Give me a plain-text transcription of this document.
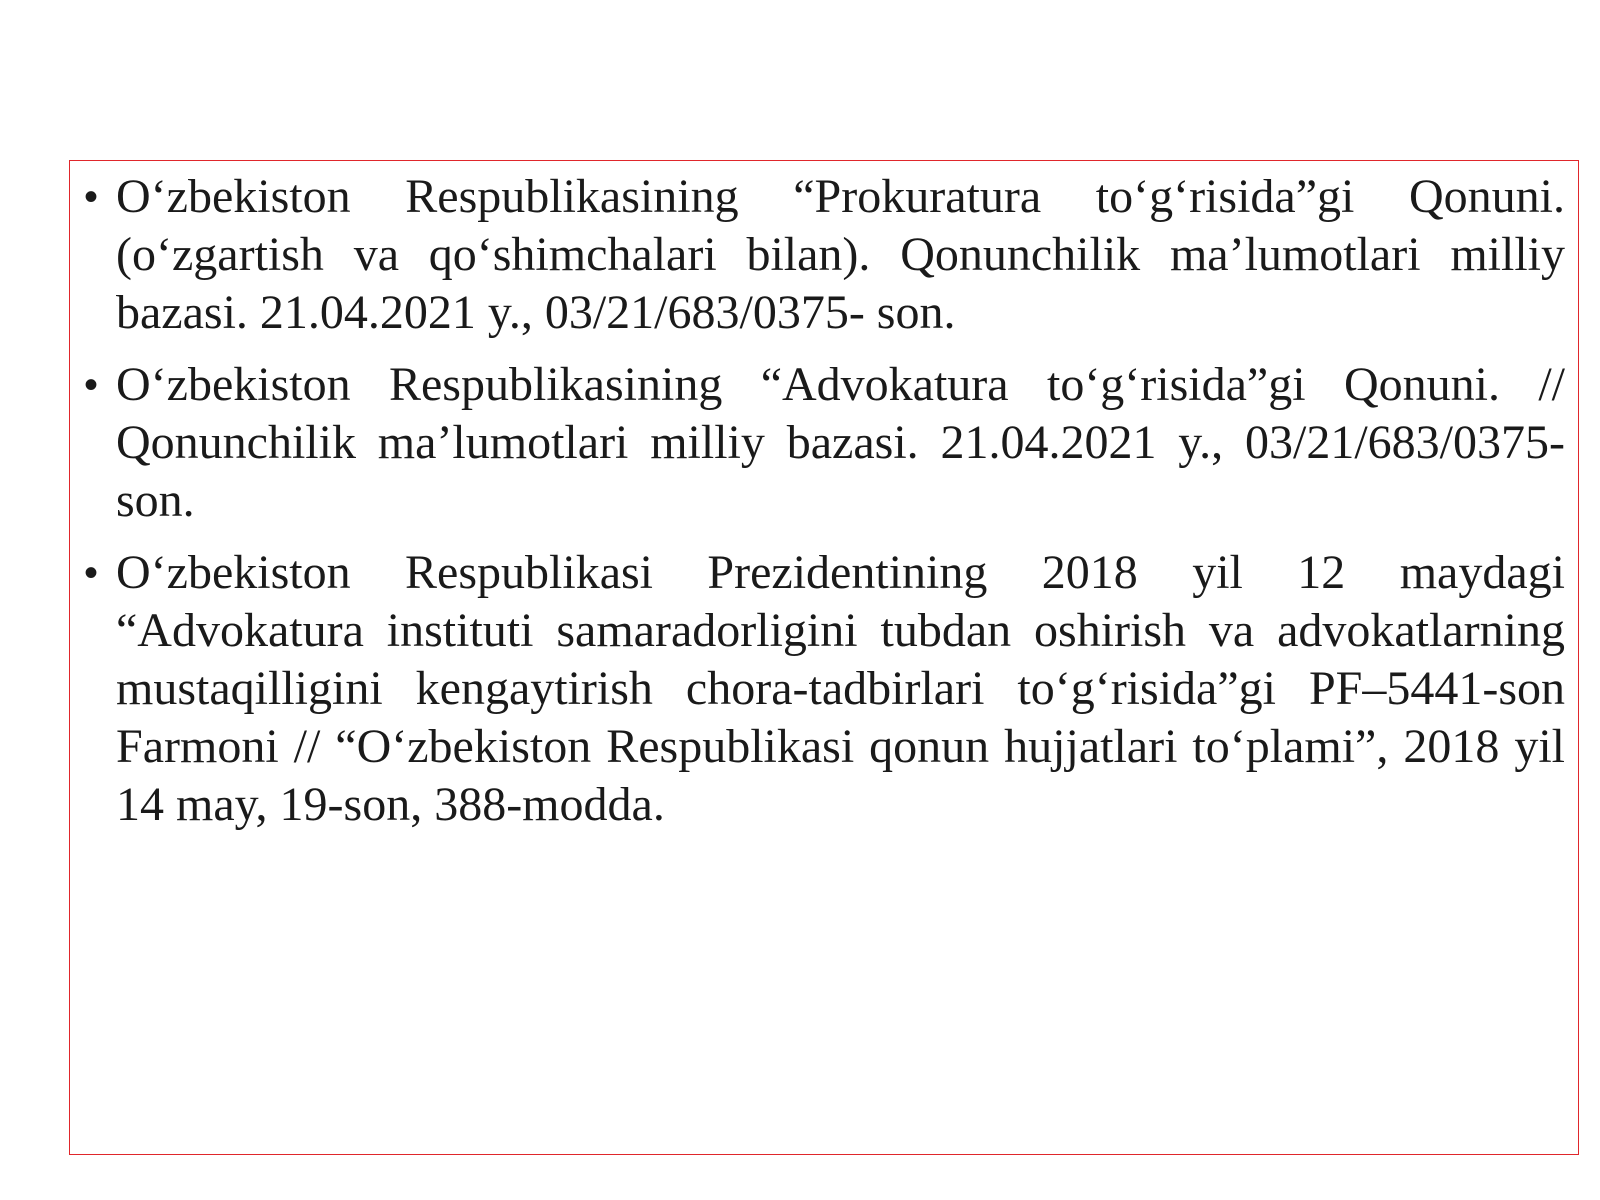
• O‘zbekiston Respublikasining “Prokuratura to‘g‘risida”gi Qonuni. (o‘zgartish va qo‘shimchalari bilan). Qonunchilik ma’lumotlari milliy bazasi. 21.04.2021 y., 03/21/683/0375- son.
• O‘zbekiston Respublikasining “Advokatura to‘g‘risida”gi Qonuni. // Qonunchilik ma’lumotlari milliy bazasi. 21.04.2021 y., 03/21/683/0375-son.
• O‘zbekiston Respublikasi Prezidentining 2018 yil 12 maydagi “Advokatura instituti samaradorligini tubdan oshirish va advokatlarning mustaqilligini kengaytirish chora-tadbirlari to‘g‘risida”gi PF–5441-son Farmoni // “O‘zbekiston Respublikasi qonun hujjatlari to‘plami”, 2018 yil 14 may, 19-son, 388-modda.
